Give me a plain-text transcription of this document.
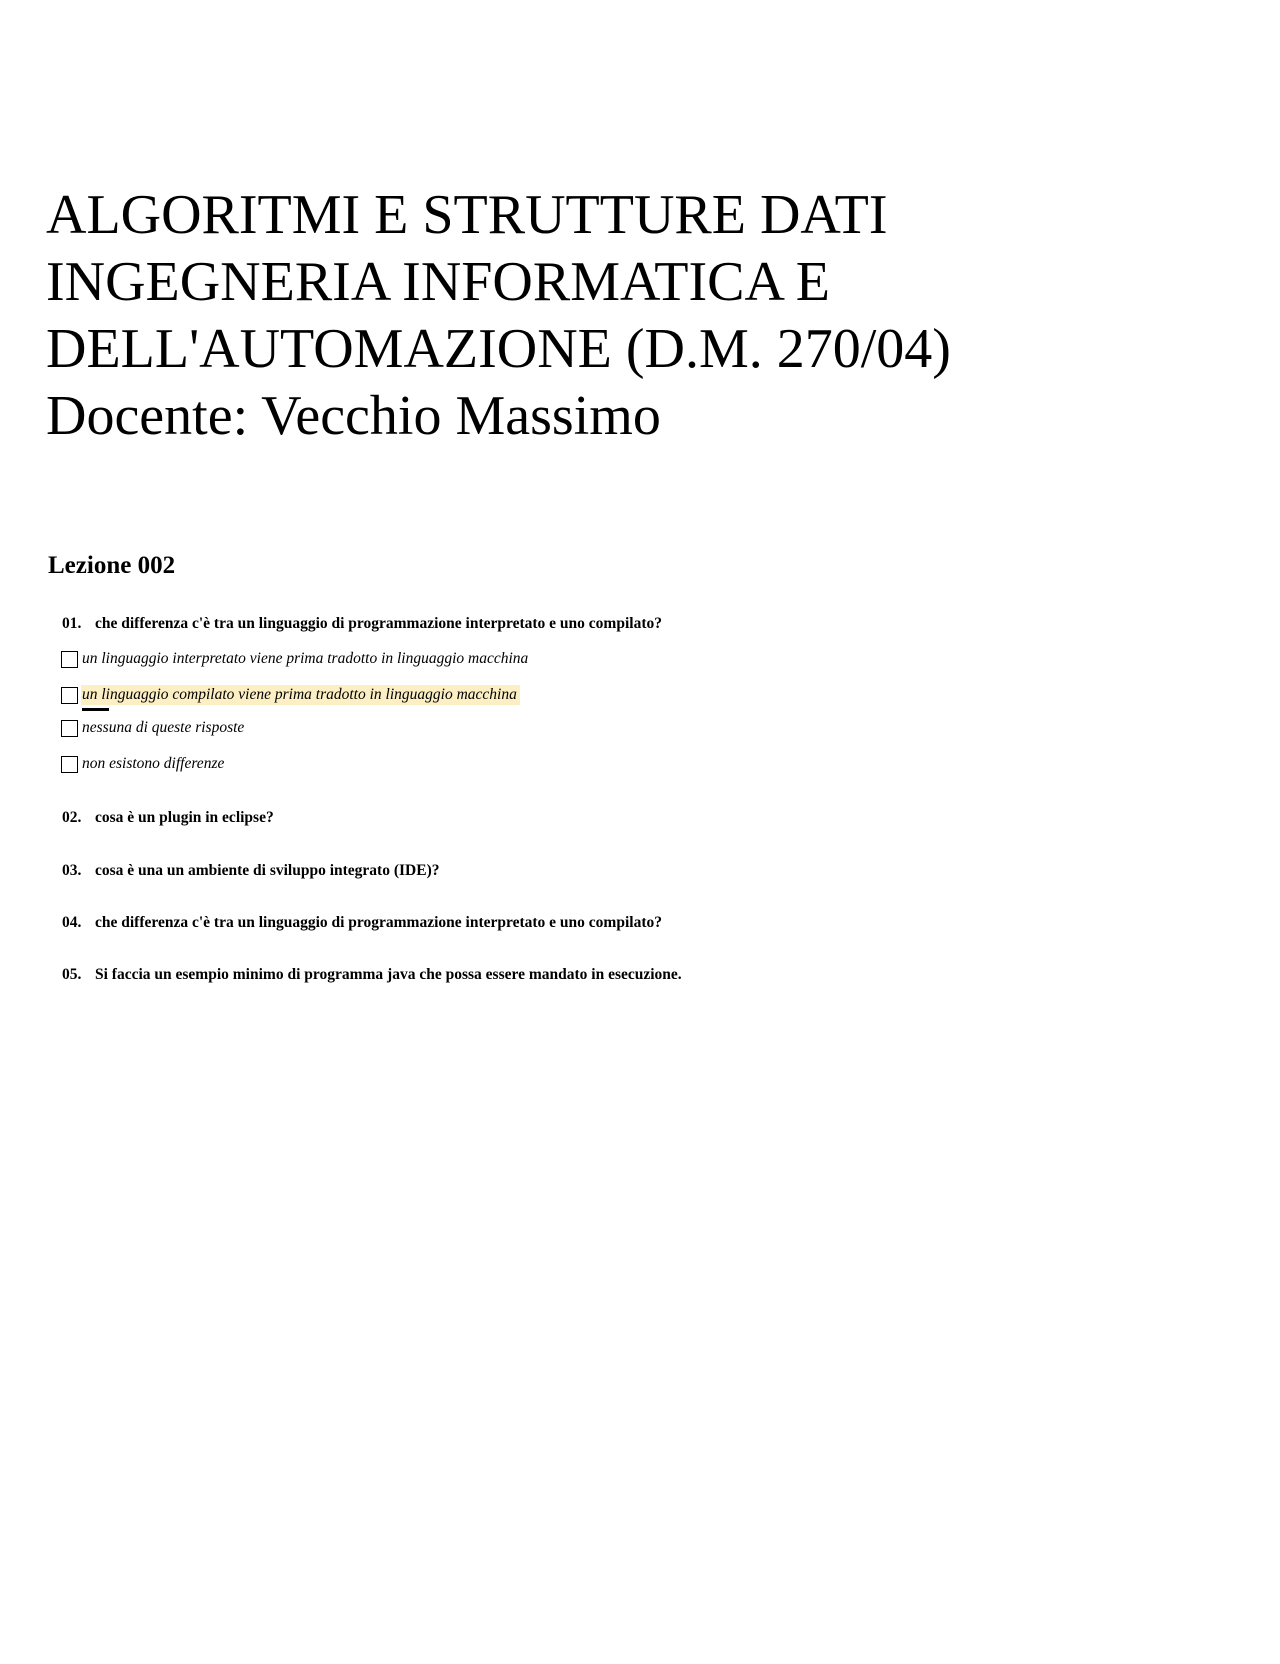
ALGORITMI E STRUTTURE DATI
INGEGNERIA INFORMATICA E
DELL'AUTOMAZIONE (D.M. 270/04)
Docente: Vecchio Massimo
Lezione 002
01. che differenza c'è tra un linguaggio di programmazione interpretato e uno compilato?
un linguaggio interpretato viene prima tradotto in linguaggio macchina
un linguaggio compilato viene prima tradotto in linguaggio macchina
nessuna di queste risposte
non esistono differenze
02. cosa è un plugin in eclipse?
03. cosa è una un ambiente di sviluppo integrato (IDE)?
04. che differenza c'è tra un linguaggio di programmazione interpretato e uno compilato?
05. Si faccia un esempio minimo di programma java che possa essere mandato in esecuzione.
